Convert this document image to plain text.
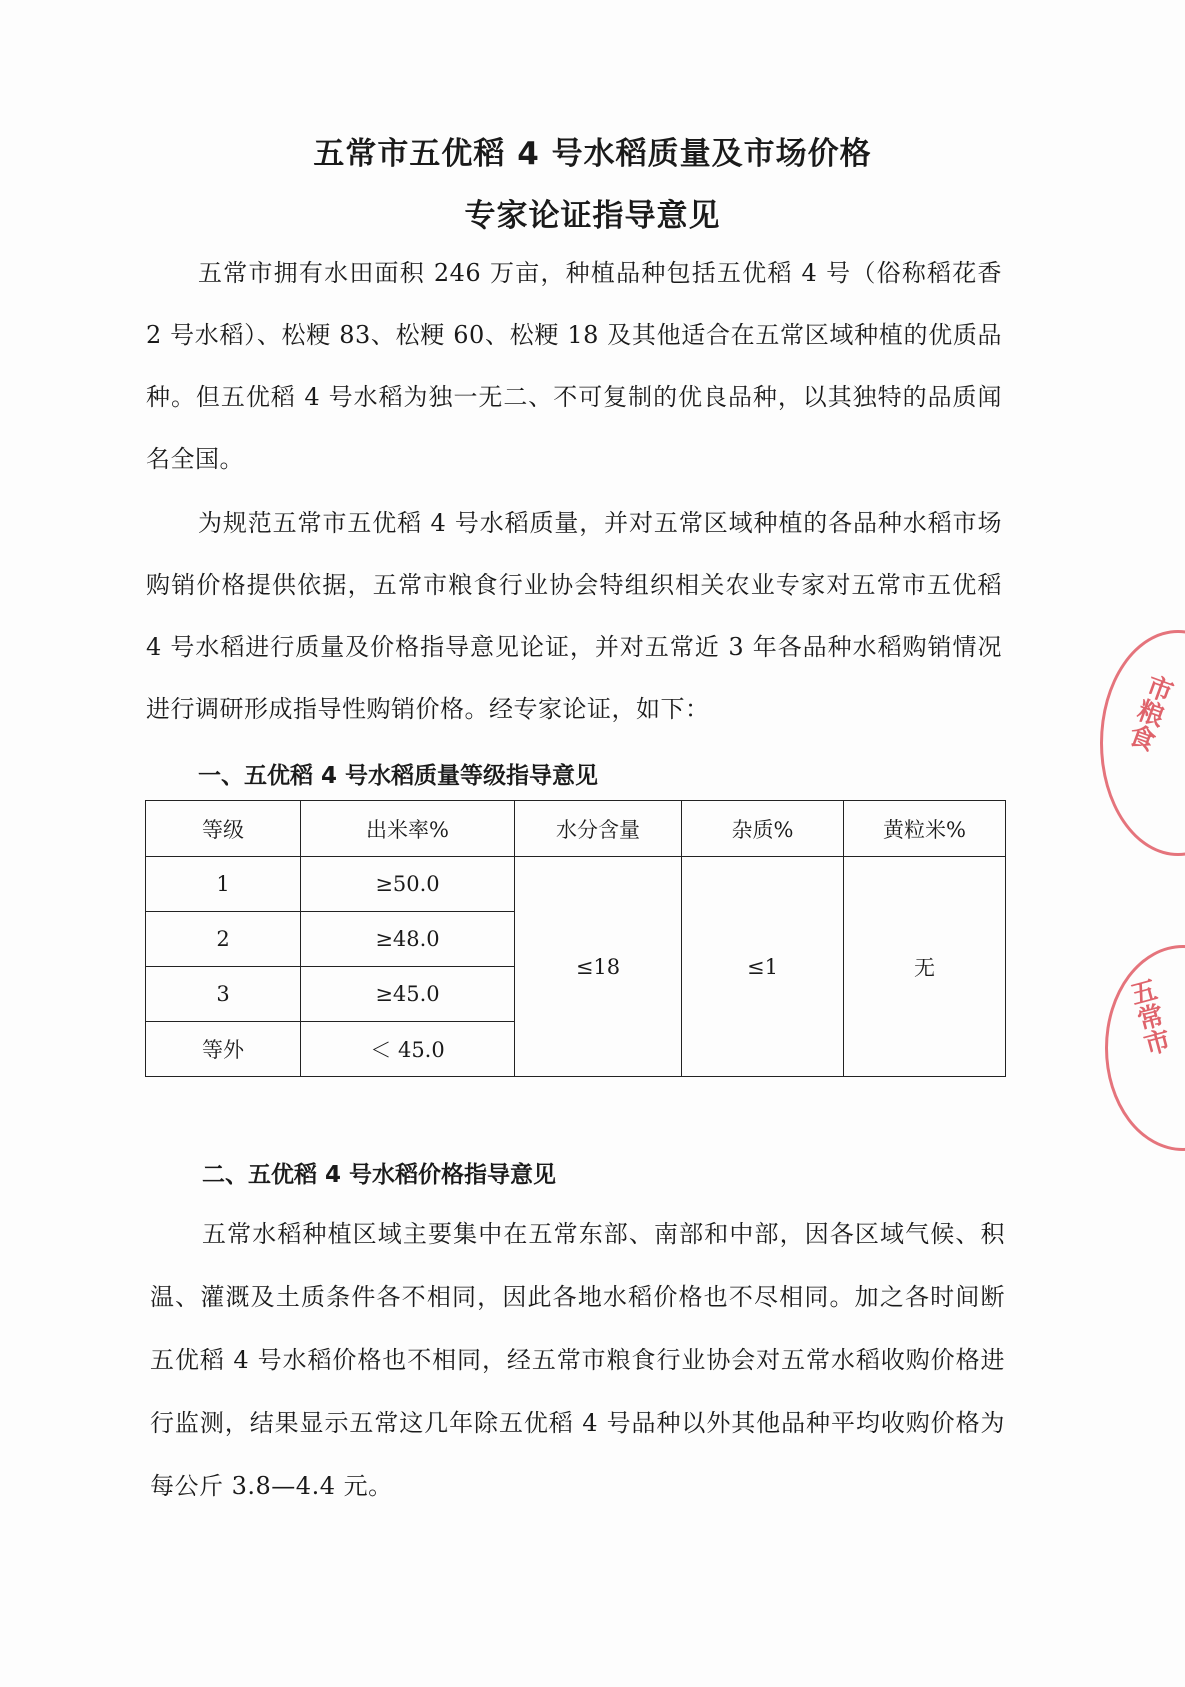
五常市五优稻 4 号水稻质量及市场价格
专家论证指导意见
五常市拥有水田面积 246 万亩，种植品种包括五优稻 4 号（俗称稻花香 2 号水稻）、松粳 83、松粳 60、松粳 18 及其他适合在五常区域种植的优质品种。但五优稻 4 号水稻为独一无二、不可复制的优良品种，以其独特的品质闻名全国。
为规范五常市五优稻 4 号水稻质量，并对五常区域种植的各品种水稻市场购销价格提供依据，五常市粮食行业协会特组织相关农业专家对五常市五优稻 4 号水稻进行质量及价格指导意见论证，并对五常近 3 年各品种水稻购销情况进行调研形成指导性购销价格。经专家论证，如下：
一、五优稻 4 号水稻质量等级指导意见
等级	出米率%	水分含量	杂质%	黄粒米%
1	≥50.0	≤18	≤1	无
2	≥48.0			
3	≥45.0			
等外	＜ 45.0			
二、五优稻 4 号水稻价格指导意见
五常水稻种植区域主要集中在五常东部、南部和中部，因各区域气候、积温、灌溉及土质条件各不相同，因此各地水稻价格也不尽相同。加之各时间断五优稻 4 号水稻价格也不相同，经五常市粮食行业协会对五常水稻收购价格进行监测，结果显示五常这几年除五优稻 4 号品种以外其他品种平均收购价格为每公斤 3.8—4.4 元。
市粮食
五常市
